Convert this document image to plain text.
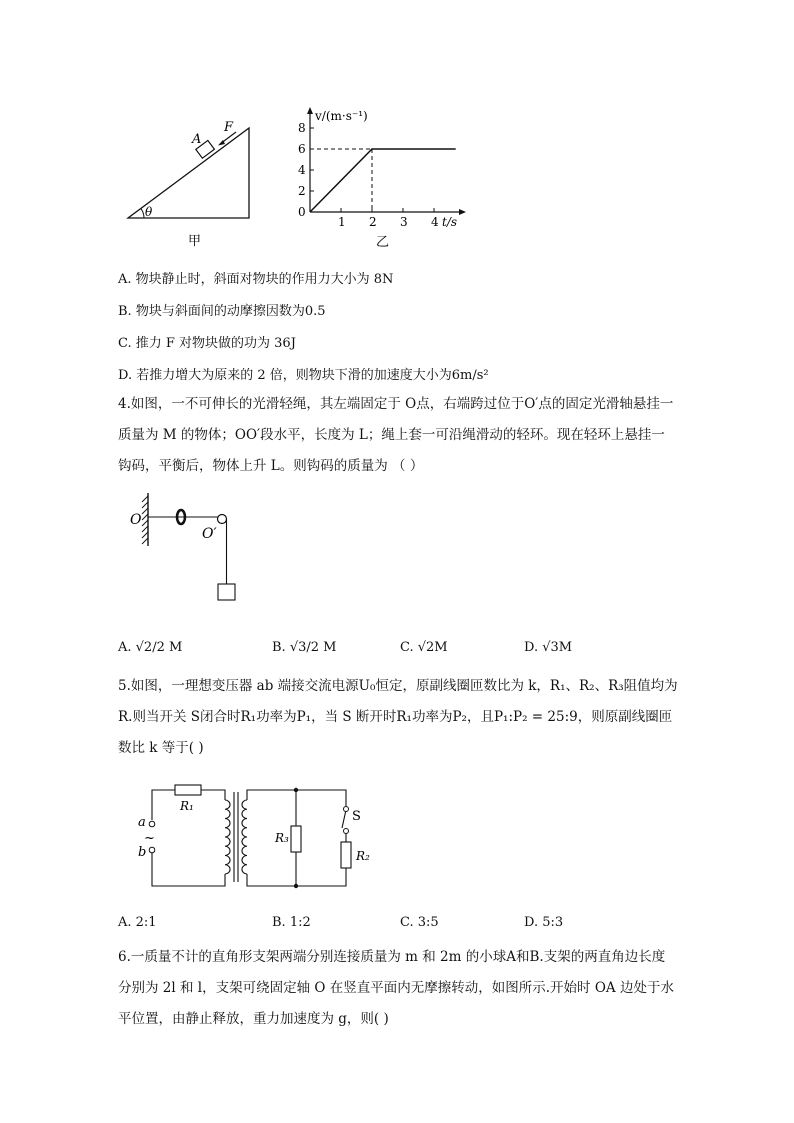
A
F
θ
甲
8
6
4
2
0
1 2 3 4
v/(m·s⁻¹)
t/s
乙
A. 物块静止时，斜面对物块的作用力大小为 8N
B. 物块与斜面间的动摩擦因数为0.5
C. 推力 F 对物块做的功为 36J
D. 若推力增大为原来的 2 倍，则物块下滑的加速度大小为6m/s²
4.如图，一不可伸长的光滑轻绳，其左端固定于 O点，右端跨过位于O′点的固定光滑轴悬挂一质量为 M 的物体；OO′段水平，长度为 L；绳上套一可沿绳滑动的轻环。现在轻环上悬挂一钩码，平衡后，物体上升 L。则钩码的质量为 （ ）
O
O′
A. √2/2 M	B. √3/2 M	C. √2M	D. √3M
5.如图，一理想变压器 ab 端接交流电源U₀恒定，原副线圈匝数比为 k，R₁、R₂、R₃阻值均为R.则当开关 S闭合时R₁功率为P₁，当 S 断开时R₁功率为P₂，且P₁:P₂ = 25:9，则原副线圈匝数比 k 等于( )
R₁
R₃
R₂
S
a
b
~
A. 2:1	B. 1:2	C. 3:5	D. 5:3
6.一质量不计的直角形支架两端分别连接质量为 m 和 2m 的小球A和B.支架的两直角边长度分别为 2l 和 l，支架可绕固定轴 O 在竖直平面内无摩擦转动，如图所示.开始时 OA 边处于水平位置，由静止释放，重力加速度为 g，则( )
